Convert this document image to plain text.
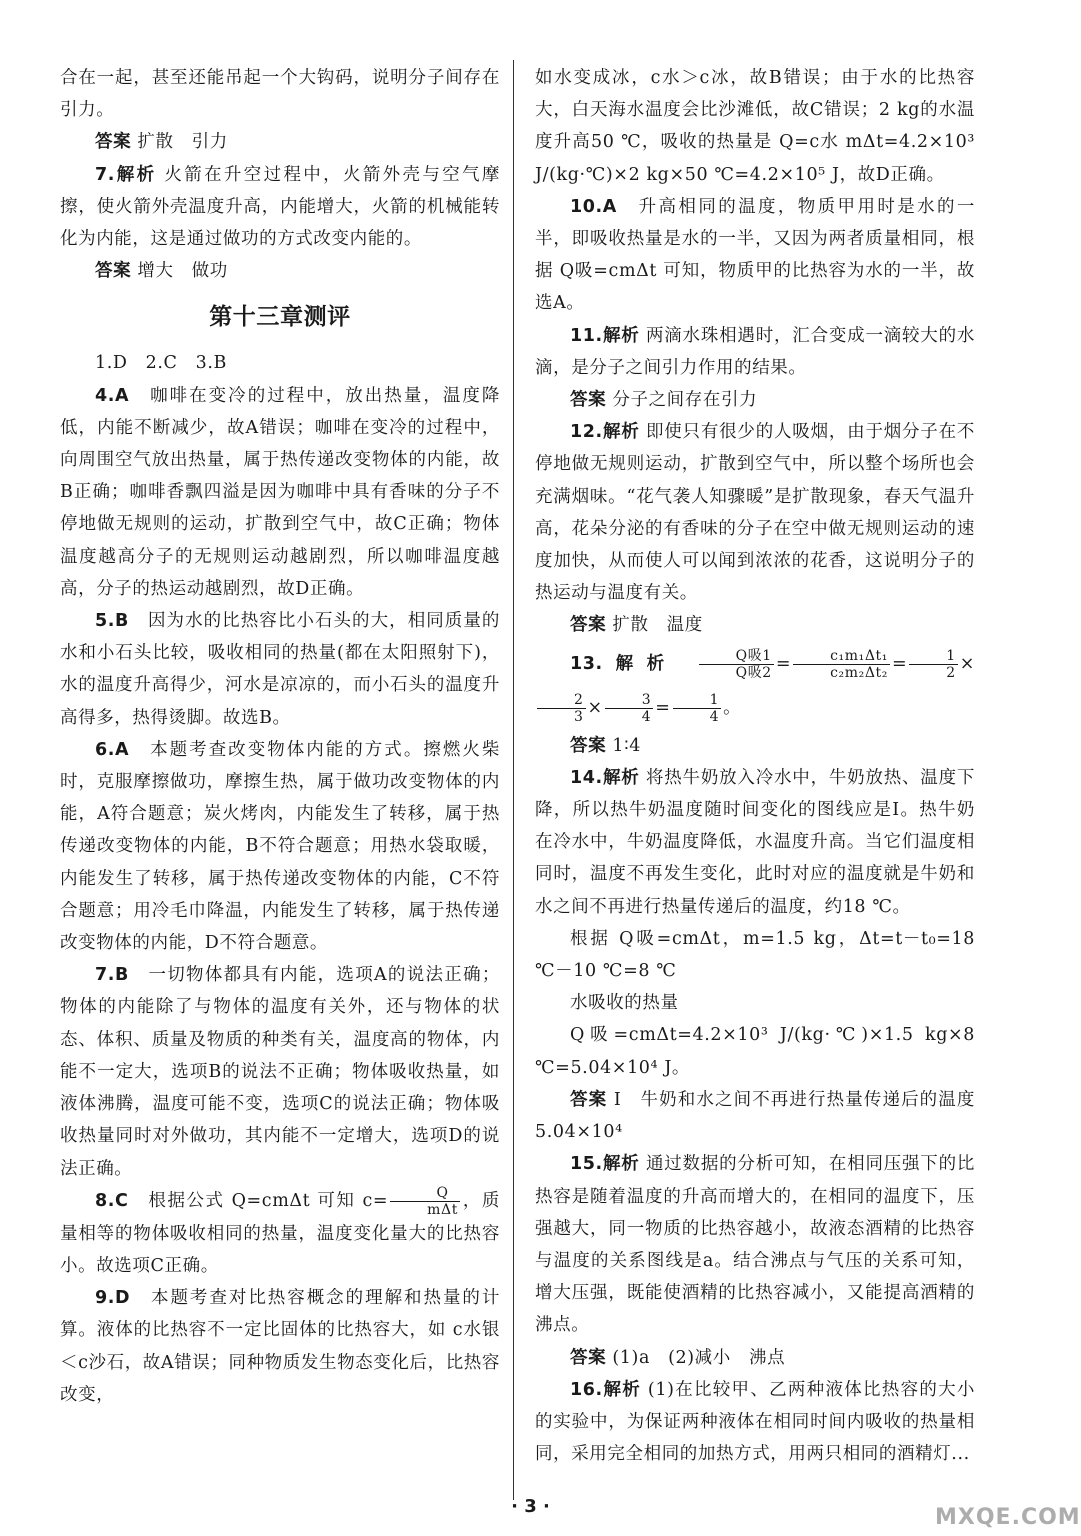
合在一起，甚至还能吊起一个大钩码，说明分子间存在引力。

答案 扩散　引力

7.解析 火箭在升空过程中，火箭外壳与空气摩擦，使火箭外壳温度升高，内能增大，火箭的机械能转化为内能，这是通过做功的方式改变内能的。

答案 增大　做功

第十三章测评

1.D　2.C　3.B

4.A　 咖啡在变冷的过程中，放出热量，温度降低，内能不断减少，故A错误；咖啡在变冷的过程中，向周围空气放出热量，属于热传递改变物体的内能，故B正确；咖啡香飘四溢是因为咖啡中具有香味的分子不停地做无规则的运动，扩散到空气中，故C正确；物体温度越高分子的无规则运动越剧烈，所以咖啡温度越高，分子的热运动越剧烈，故D正确。

5.B　 因为水的比热容比小石头的大，相同质量的水和小石头比较，吸收相同的热量(都在太阳照射下)，水的温度升高得少，河水是凉凉的，而小石头的温度升高得多，热得烫脚。故选B。

6.A　 本题考查改变物体内能的方式。擦燃火柴时，克服摩擦做功，摩擦生热，属于做功改变物体的内能，A符合题意；炭火烤肉，内能发生了转移，属于热传递改变物体的内能，B不符合题意；用热水袋取暖，内能发生了转移，属于热传递改变物体的内能，C不符合题意；用冷毛巾降温，内能发生了转移，属于热传递改变物体的内能，D不符合题意。

7.B　 一切物体都具有内能，选项A的说法正确；物体的内能除了与物体的温度有关外，还与物体的状态、体积、质量及物质的种类有关，温度高的物体，内能不一定大，选项B的说法不正确；物体吸收热量，如液体沸腾，温度可能不变，选项C的说法正确；物体吸收热量同时对外做功，其内能不一定增大，选项D的说法正确。

8.C　 根据公式 Q=cmΔt 可知 $c= \frac{Q}{\text{mΔt}}$ ，质量相等的物体吸收相同的热量，温度变化量大的比热容小。故选项C正确。

9.D　 本题考查对比热容概念的理解和热量的计算。液体的比热容不一定比固体的比热容大，如 c水银＜c沙石，故A错误；同种物质发生物态变化后，比热容改变，

如水变成冰，c水＞c冰，故B错误；由于水的比热容大，白天海水温度会比沙滩低，故C错误；2 kg的水温度升高50 ℃，吸收的热量是 Q=c水 mΔt=4.2×10³ J/(kg·℃)×2 kg×50 ℃=4.2×10⁵ J，故D正确。

10.A　 升高相同的温度，物质甲用时是水的一半，即吸收热量是水的一半，又因为两者质量相同，根据 Q吸=cmΔt 可知，物质甲的比热容为水的一半，故选A。

11.解析 两滴水珠相遇时，汇合变成一滴较大的水滴，是分子之间引力作用的结果。

答案 分子之间存在引力

12.解析 即使只有很少的人吸烟，由于烟分子在不停地做无规则运动，扩散到空气中，所以整个场所也会充满烟味。“花气袭人知骤暖”是扩散现象，春天气温升高，花朵分泌的有香味的分子在空中做无规则运动的速度加快，从而使人可以闻到浓浓的花香，这说明分子的热运动与温度有关。

答案 扩散　温度

13.解析 $\frac{\text{Q吸1}}{\text{Q吸2}} = \frac{\text{c₁m₁Δt₁}}{\text{c₂m₂Δt₂}} = \frac{1}{2}$ ×
$\frac{2}{3} \times \frac{3}{4} = \frac{1}{4}$ 。

答案 1∶4

14.解析 将热牛奶放入冷水中，牛奶放热、温度下降，所以热牛奶温度随时间变化的图线应是Ⅰ。热牛奶在冷水中，牛奶温度降低，水温度升高。当它们温度相同时，温度不再发生变化，此时对应的温度就是牛奶和水之间不再进行热量传递后的温度，约18 ℃。

根据 Q吸=cmΔt，m=1.5 kg，Δt=t－t₀=18 ℃－10 ℃=8 ℃

水吸收的热量

Q吸=cmΔt=4.2×10³ J/(kg·℃)×1.5 kg×8 ℃=5.04×10⁴ J。

答案 Ⅰ　牛奶和水之间不再进行热量传递后的温度　5.04×10⁴

15.解析 通过数据的分析可知，在相同压强下的比热容是随着温度的升高而增大的，在相同的温度下，压强越大，同一物质的比热容越小，故液态酒精的比热容与温度的关系图线是a。结合沸点与气压的关系可知，增大压强，既能使酒精的比热容减小，又能提高酒精的沸点。

答案 (1)a　(2)减小　沸点

16.解析 (1)在比较甲、乙两种液体比热容的大小的实验中，为保证两种液体在相同时间内吸收的热量相同，采用完全相同的加热方式，用两只相同的酒精灯...

· 3 ·	MXQE.COM
